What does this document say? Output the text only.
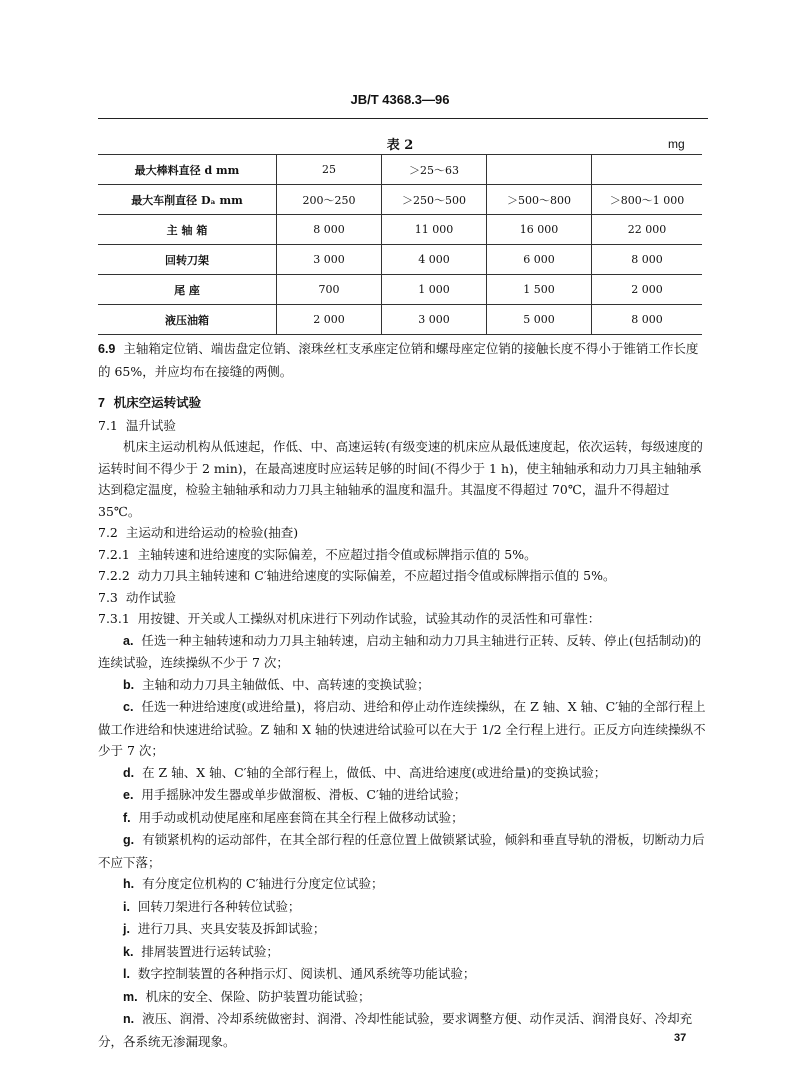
JB/T 4368.3—96
表 2	mg
最大棒料直径 d mm	25	＞25～63		
最大车削直径 Dₐ mm	200～250	＞250～500	＞500～800	＞800～1 000
主 轴 箱	8 000	11 000	16 000	22 000
回转刀架	3 000	4 000	6 000	8 000
尾 座	700	1 000	1 500	2 000
液压油箱	2 000	3 000	5 000	8 000

6.9 主轴箱定位销、端齿盘定位销、滚珠丝杠支承座定位销和螺母座定位销的接触长度不得小于锥销工作长度的 65%，并应均布在接缝的两侧。

7 机床空运转试验

7.1 温升试验

机床主运动机构从低速起，作低、中、高速运转(有级变速的机床应从最低速度起，依次运转，每级速度的运转时间不得少于 2 min)，在最高速度时应运转足够的时间(不得少于 1 h)，使主轴轴承和动力刀具主轴轴承达到稳定温度，检验主轴轴承和动力刀具主轴轴承的温度和温升。其温度不得超过 70℃，温升不得超过 35℃。

7.2 主运动和进给运动的检验(抽查)

7.2.1 主轴转速和进给速度的实际偏差，不应超过指令值或标牌指示值的 5%。

7.2.2 动力刀具主轴转速和 C′轴进给速度的实际偏差，不应超过指令值或标牌指示值的 5%。

7.3 动作试验

7.3.1 用按键、开关或人工操纵对机床进行下列动作试验，试验其动作的灵活性和可靠性：

a. 任选一种主轴转速和动力刀具主轴转速，启动主轴和动力刀具主轴进行正转、反转、停止(包括制动)的连续试验，连续操纵不少于 7 次；

b. 主轴和动力刀具主轴做低、中、高转速的变换试验；

c. 任选一种进给速度(或进给量)，将启动、进给和停止动作连续操纵，在 Z 轴、X 轴、C′轴的全部行程上做工作进给和快速进给试验。Z 轴和 X 轴的快速进给试验可以在大于 1/2 全行程上进行。正反方向连续操纵不少于 7 次；

d. 在 Z 轴、X 轴、C′轴的全部行程上，做低、中、高进给速度(或进给量)的变换试验；

e. 用手摇脉冲发生器或单步做溜板、滑板、C′轴的进给试验；

f. 用手动或机动使尾座和尾座套筒在其全行程上做移动试验；

g. 有锁紧机构的运动部件，在其全部行程的任意位置上做锁紧试验，倾斜和垂直导轨的滑板，切断动力后不应下落；

h. 有分度定位机构的 C′轴进行分度定位试验；

i. 回转刀架进行各种转位试验；

j. 进行刀具、夹具安装及拆卸试验；

k. 排屑装置进行运转试验；

l. 数字控制装置的各种指示灯、阅读机、通风系统等功能试验；

m. 机床的安全、保险、防护装置功能试验；

n. 液压、润滑、冷却系统做密封、润滑、冷却性能试验，要求调整方便、动作灵活、润滑良好、冷却充分，各系统无渗漏现象。	37
